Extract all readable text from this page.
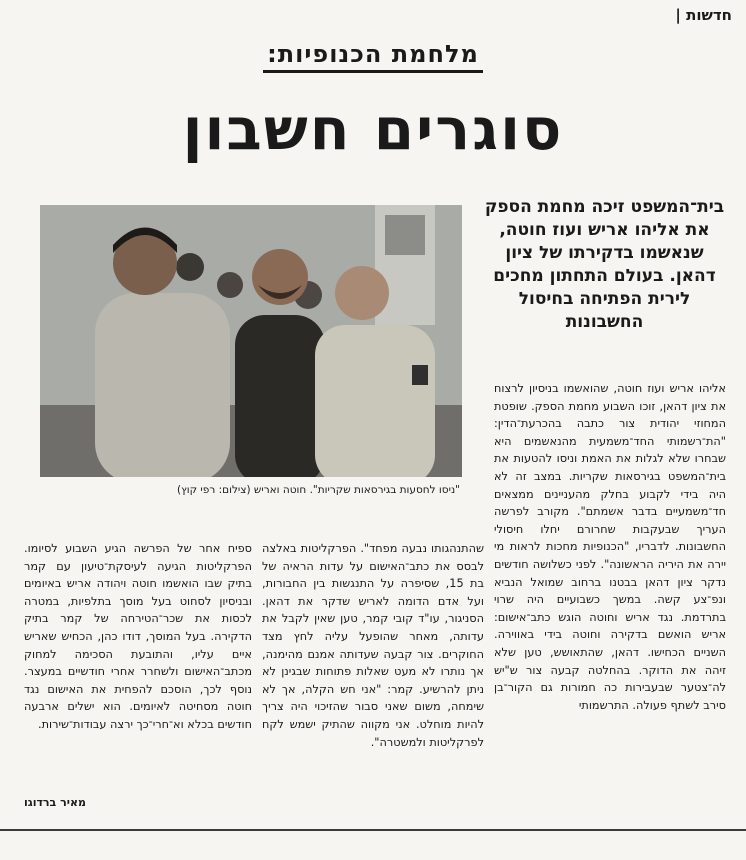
חדשות |
מלחמת הכנופיות:
סוגרים חשבון
"ניסו לחסעות בגירסאות שקריות". חוטה ואריש (צילום: רפי קוץ)
בית־המשפט זיכה מחמת הספק את אליהו אריש ועוז חוטה, שנאשמו בדקירתו של ציון דהאן. בעולם התחתון מחכים לירית הפתיחה בחיסול החשבונות

אליהו אריש ועוז חוטה, שהואשמו בניסיון לרצוח את ציון דהאן, זוכו השבוע מחמת הספק. שופטת המחוזי יהודית צור כתבה בהכרעת־הדין: "הת־רשמותי החד־משמעית מהנאשמים היא שבחרו שלא לגלות את האמת וניסו להטעות את בית־המשפט בגירסאות שקריות. במצב זה לא היה בידי לקבוע בחלק מהעניינים ממצאים חד־משמעיים בדבר אשמתם". מקורב לפרשה העריך שבעקבות שחרורם יחלו חיסולי החשבונות. לדבריו, "הכנופיות מחכות לראות מי יירה את היריה הראשונה". לפני כשלושה חודשים נדקר ציון דהאן בבטנו ברחוב שמואל הנביא ונפ־צע קשה. במשך כשבועיים היה שרוי בתרדמת. נגד אריש וחוטה הוגש כתב־אישום: אריש הואשם בדקירה וחוטה בידי באווירה. השניים הכחישו. דהאן, שהתאושש, טען שלא זיהה את הדוקר. בהחלטה קבעה צור ש"יש לה־צטער שבעבירות כה חמורות גם הקור־בן סירב לשתף פעולה. התרשמותי

שהתנהגותו נבעה מפחד". הפרקליטות באלצה לבסס את כתב־האישום על עדות הראיה של בת 15, שסיפרה על התנגשות בין החבורות, ועל אדם הדומה לאריש שדקר את דהאן. הסניגור, עו"ד קובי קמר, טען שאין לקבל את עדותה, מאחר שהופעל עליה לחץ מצד החוקרים. צור קבעה שעדותה אמנם מהימנה, אך נותרו לא מעט שאלות פתוחות שבגינן לא ניתן להרשיע. קמר: "אני חש הקלה, אך לא שימחה, משום שאני סבור שהזיכוי היה צריך להיות מוחלט. אני מקווה שהתיק ישמש לקח לפרקליטות ולמשטרה".

ספיח אחר של הפרשה הגיע השבוע לסיומו. הפרקליטות הגיעה לעיסקת־טיעון עם קמר בתיק שבו הואשמו חוטה ויהודה אריש באיומים ובניסיון לסחוט בעל מוסך בתלפיות, במטרה לכסות את שכר־הטירחה של קמר בתיק הדקירה. בעל המוסך, דודו כהן, הכחיש שאריש איים עליו, והתובעת הסכימה למחוק מכתב־האישום ולשחרר אחרי חודשיים במעצר. נוסף לכך, הוסכם להפחית את האישום נגד חוטה מסחיטה לאיומים. הוא ישלים ארבעה חודשים בכלא וא־חרי־כך ירצה עבודות־שירות.

מאיר ברדוגו
